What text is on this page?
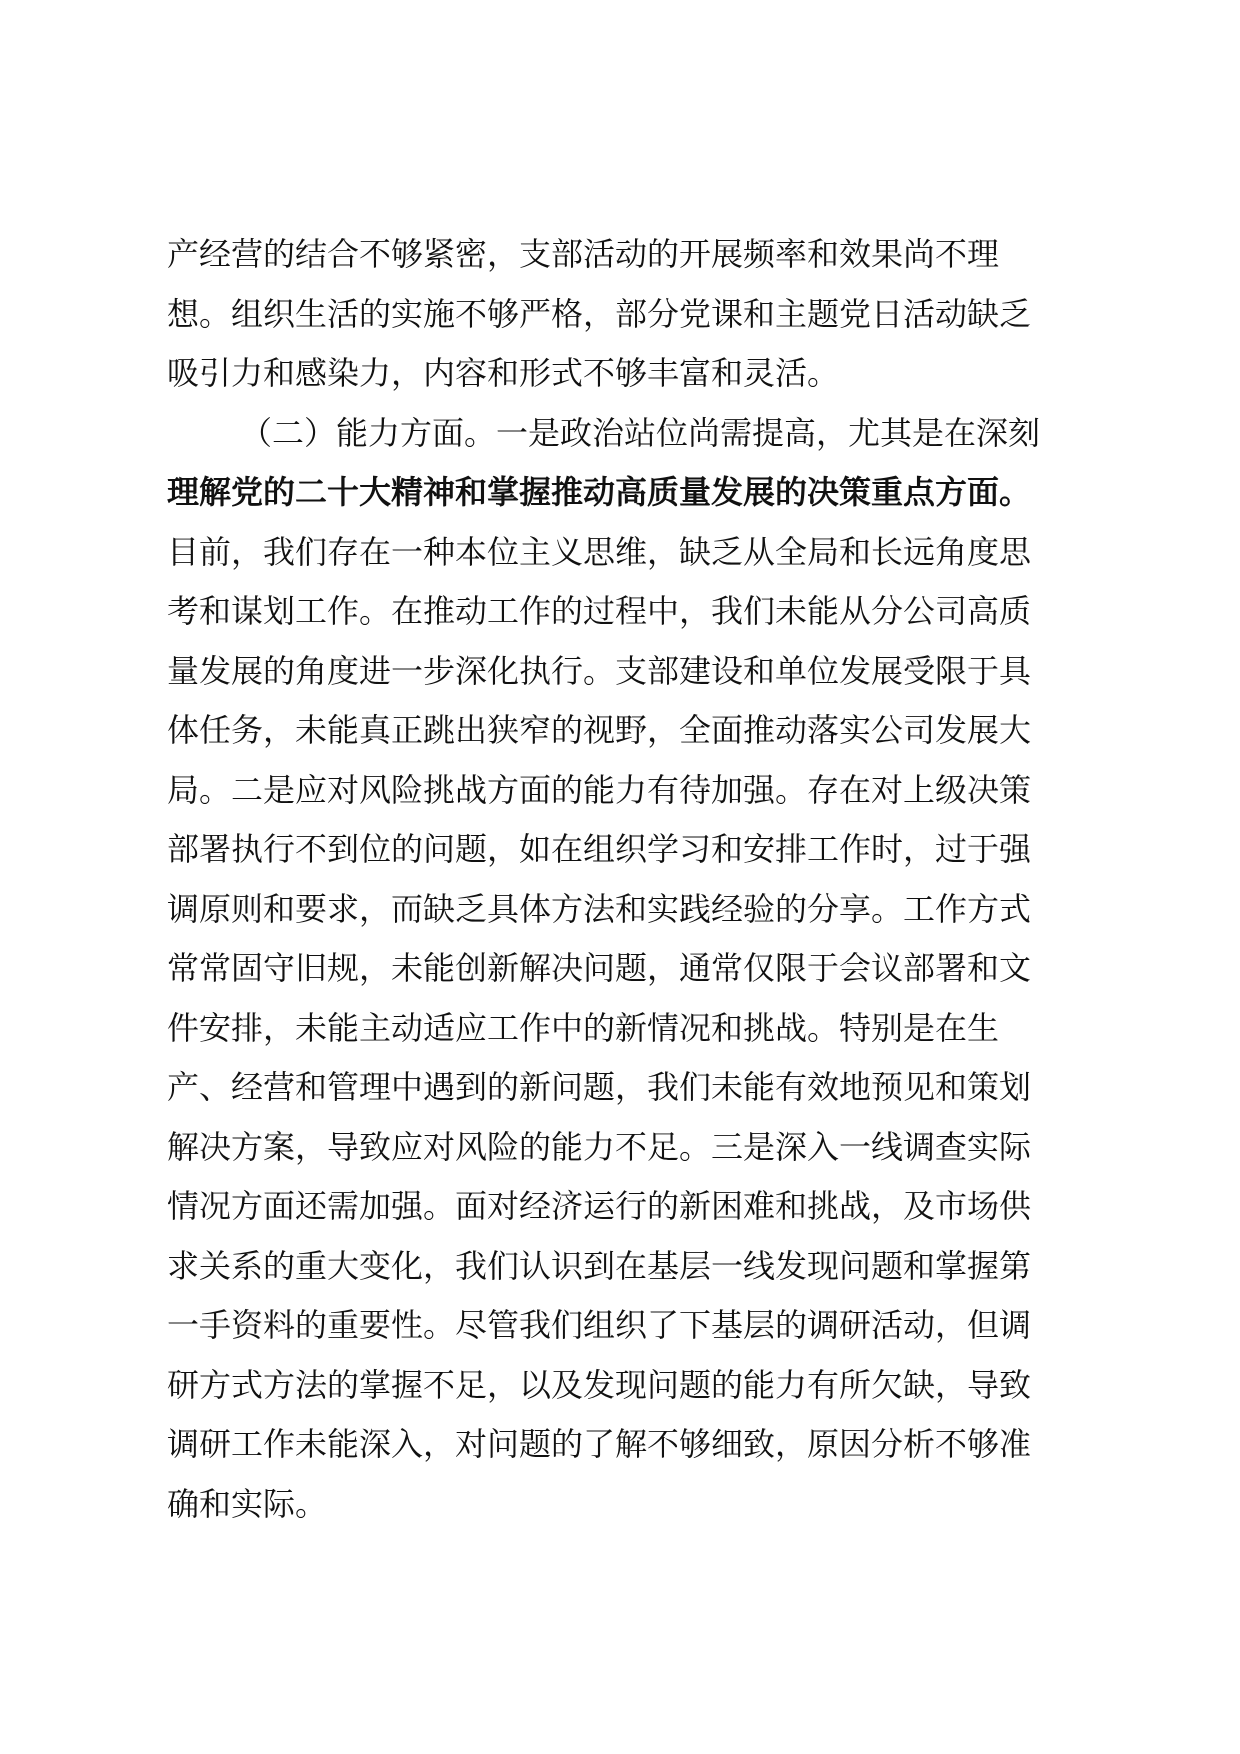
产经营的结合不够紧密，支部活动的开展频率和效果尚不理
想。组织生活的实施不够严格，部分党课和主题党日活动缺乏
吸引力和感染力，内容和形式不够丰富和灵活。
（二）能力方面。一是政治站位尚需提高，尤其是在深刻
理解党的二十大精神和掌握推动高质量发展的决策重点方面。
目前，我们存在一种本位主义思维，缺乏从全局和长远角度思
考和谋划工作。在推动工作的过程中，我们未能从分公司高质
量发展的角度进一步深化执行。支部建设和单位发展受限于具
体任务，未能真正跳出狭窄的视野，全面推动落实公司发展大
局。二是应对风险挑战方面的能力有待加强。存在对上级决策
部署执行不到位的问题，如在组织学习和安排工作时，过于强
调原则和要求，而缺乏具体方法和实践经验的分享。工作方式
常常固守旧规，未能创新解决问题，通常仅限于会议部署和文
件安排，未能主动适应工作中的新情况和挑战。特别是在生
产、经营和管理中遇到的新问题，我们未能有效地预见和策划
解决方案，导致应对风险的能力不足。三是深入一线调查实际
情况方面还需加强。面对经济运行的新困难和挑战，及市场供
求关系的重大变化，我们认识到在基层一线发现问题和掌握第
一手资料的重要性。尽管我们组织了下基层的调研活动，但调
研方式方法的掌握不足，以及发现问题的能力有所欠缺，导致
调研工作未能深入，对问题的了解不够细致，原因分析不够准
确和实际。
